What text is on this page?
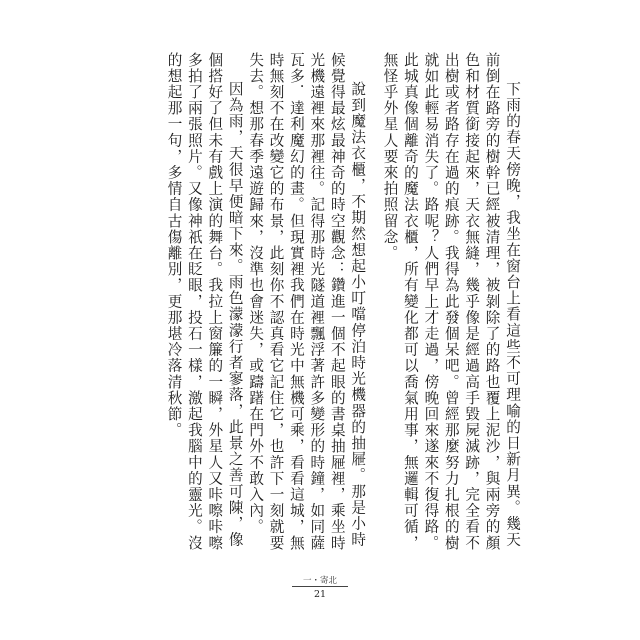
下雨的春天傍晚，我坐在窗台上看這些不可理喻的日新月異。幾天前倒在路旁的樹幹已經被清理，被剝除了的路也覆上泥沙，與兩旁的顏色和材質銜接起來，天衣無縫，幾乎像是經過高手毀屍滅跡，完全看不出樹或者路存在過的痕跡。我得為此發個呆吧。曾經那麼努力扎根的樹就如此輕易消失了。路呢？人們早上才走過，傍晚回來遂來不復得路。此城真像個離奇的魔法衣櫃，所有變化都可以喬氣用事，無邏輯可循，無怪乎外星人要來拍照留念。

說到魔法衣櫃，不期然想起小叮噹停泊時光機器的抽屜。那是小時候覺得最炫最神奇的時空觀念：鑽進一個不起眼的書桌抽屜裡，乘坐時光機遠裡來那裡往。記得那時光隧道裡飄浮著許多變形的時鐘，如同薩瓦多．達利魔幻的畫。但現實裡我們在時光中無機可乘，看看這城，無時無刻不在改變它的布景，此刻你不認真看它記住它，也許下一刻就要失去。想那春季遠遊歸來，沒準也會迷失，或躊躇在門外不敢入內。

因為雨，天很早便暗下來。雨色濛濛行者寥落，此景之善可陳，像個搭好了但未有戲上演的舞台。我拉上窗簾的一瞬，外星人又咔嚓咔嚓多拍了兩張照片。又像神祇在眨眼，投石一樣，激起我腦中的靈光。沒的想起那一句，多情自古傷離別，更那堪冷落清秋節。

一・寄北
21
